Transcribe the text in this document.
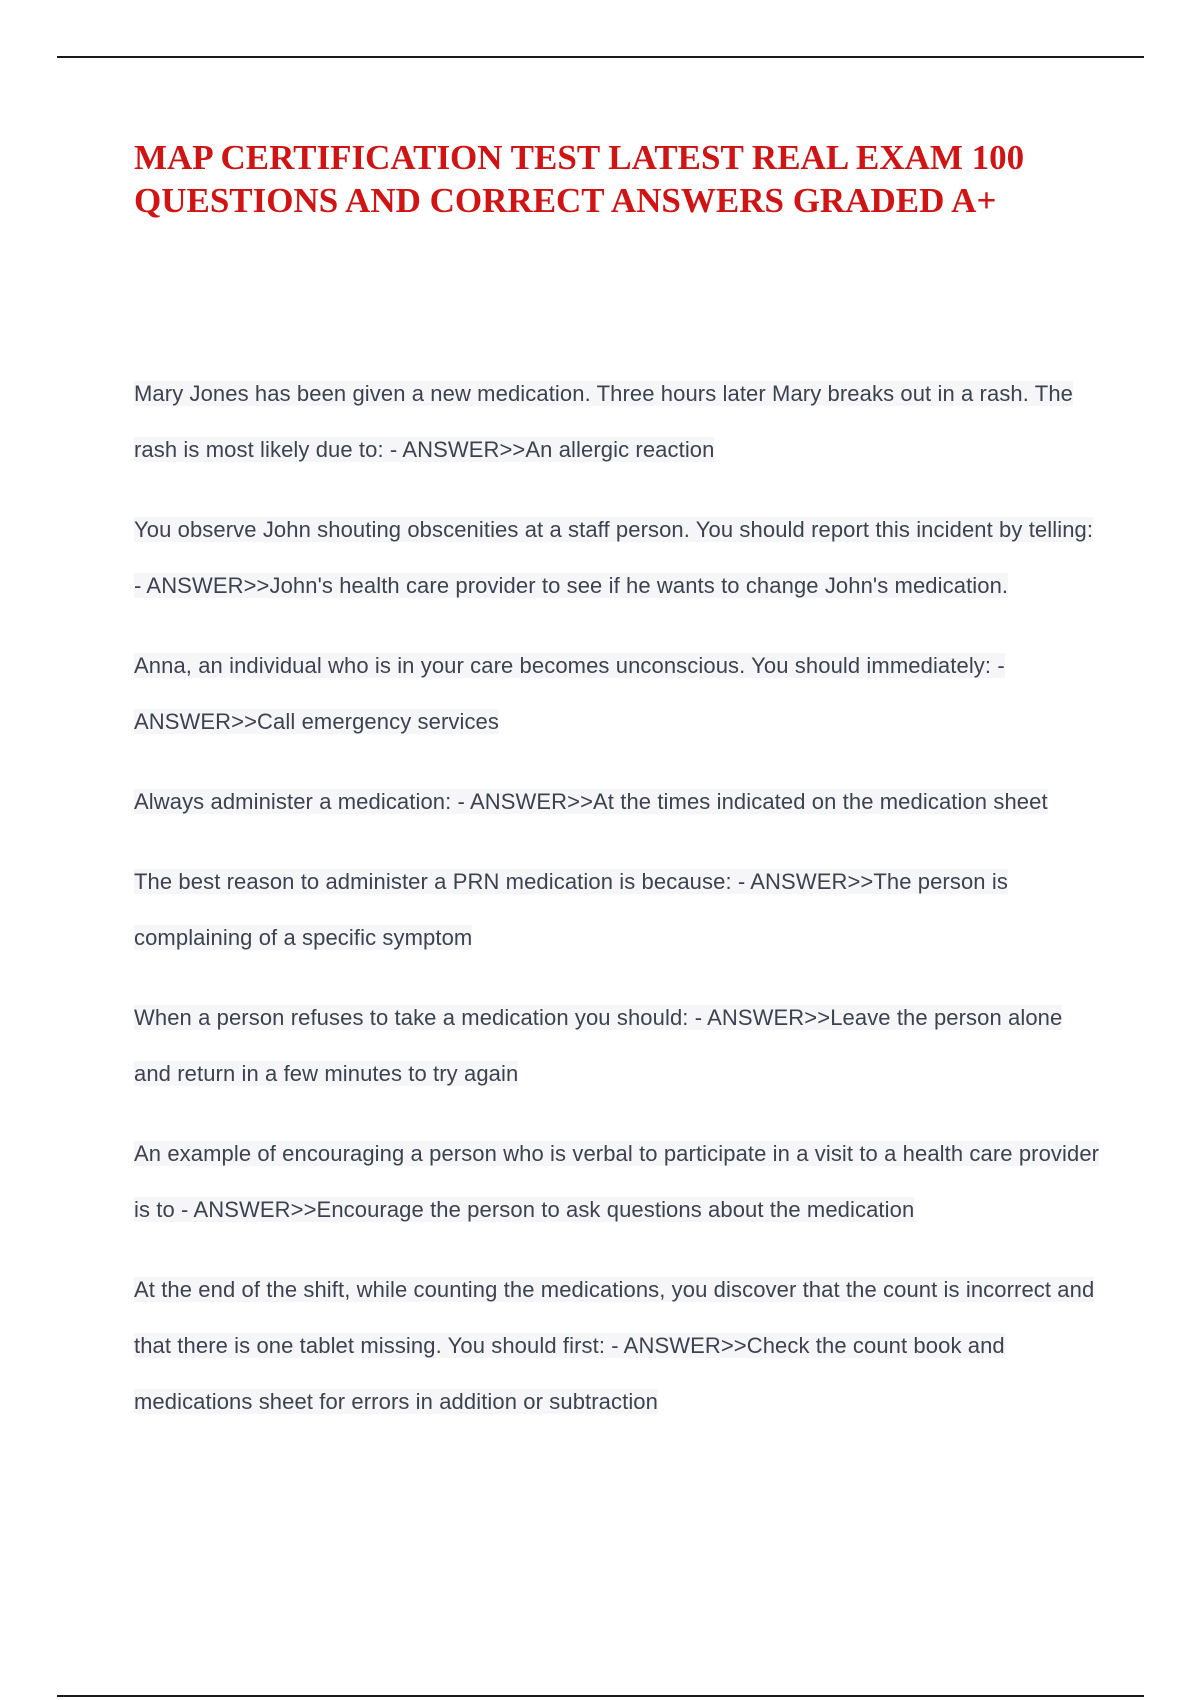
MAP CERTIFICATION TEST LATEST REAL EXAM 100 QUESTIONS AND CORRECT ANSWERS GRADED A+

Mary Jones has been given a new medication. Three hours later Mary breaks out in a rash. The rash is most likely due to: - ANSWER>>An allergic reaction

You observe John shouting obscenities at a staff person. You should report this incident by telling: - ANSWER>>John's health care provider to see if he wants to change John's medication.

Anna, an individual who is in your care becomes unconscious. You should immediately: - ANSWER>>Call emergency services

Always administer a medication: - ANSWER>>At the times indicated on the medication sheet

The best reason to administer a PRN medication is because: - ANSWER>>The person is complaining of a specific symptom

When a person refuses to take a medication you should: - ANSWER>>Leave the person alone and return in a few minutes to try again

An example of encouraging a person who is verbal to participate in a visit to a health care provider is to - ANSWER>>Encourage the person to ask questions about the medication

At the end of the shift, while counting the medications, you discover that the count is incorrect and that there is one tablet missing. You should first: - ANSWER>>Check the count book and medications sheet for errors in addition or subtraction
